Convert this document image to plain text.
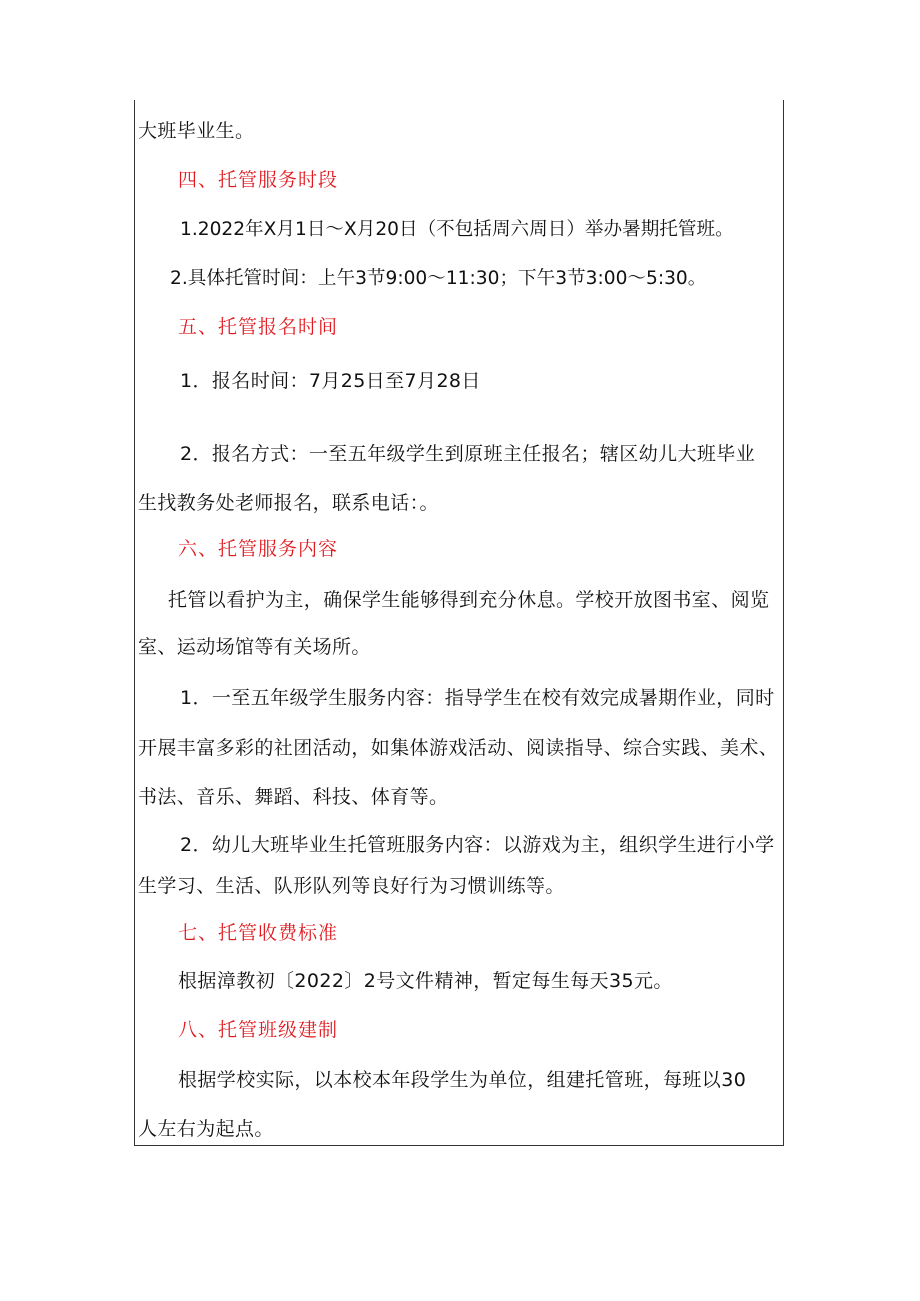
大班毕业生。
四、托管服务时段
1.2022年X月1日～X月20日（不包括周六周日）举办暑期托管班。
2.具体托管时间：上午3节9:00～11:30；下午3节3:00～5:30。
五、托管报名时间
1．报名时间：7月25日至7月28日
2．报名方式：一至五年级学生到原班主任报名；辖区幼儿大班毕业
生找教务处老师报名，联系电话：。
六、托管服务内容
托管以看护为主，确保学生能够得到充分休息。学校开放图书室、阅览
室、运动场馆等有关场所。
1．一至五年级学生服务内容：指导学生在校有效完成暑期作业，同时
开展丰富多彩的社团活动，如集体游戏活动、阅读指导、综合实践、美术、
书法、音乐、舞蹈、科技、体育等。
2．幼儿大班毕业生托管班服务内容：以游戏为主，组织学生进行小学
生学习、生活、队形队列等良好行为习惯训练等。
七、托管收费标准
根据漳教初〔2022〕2号文件精神，暂定每生每天35元。
八、托管班级建制
根据学校实际，以本校本年段学生为单位，组建托管班，每班以30
人左右为起点。
